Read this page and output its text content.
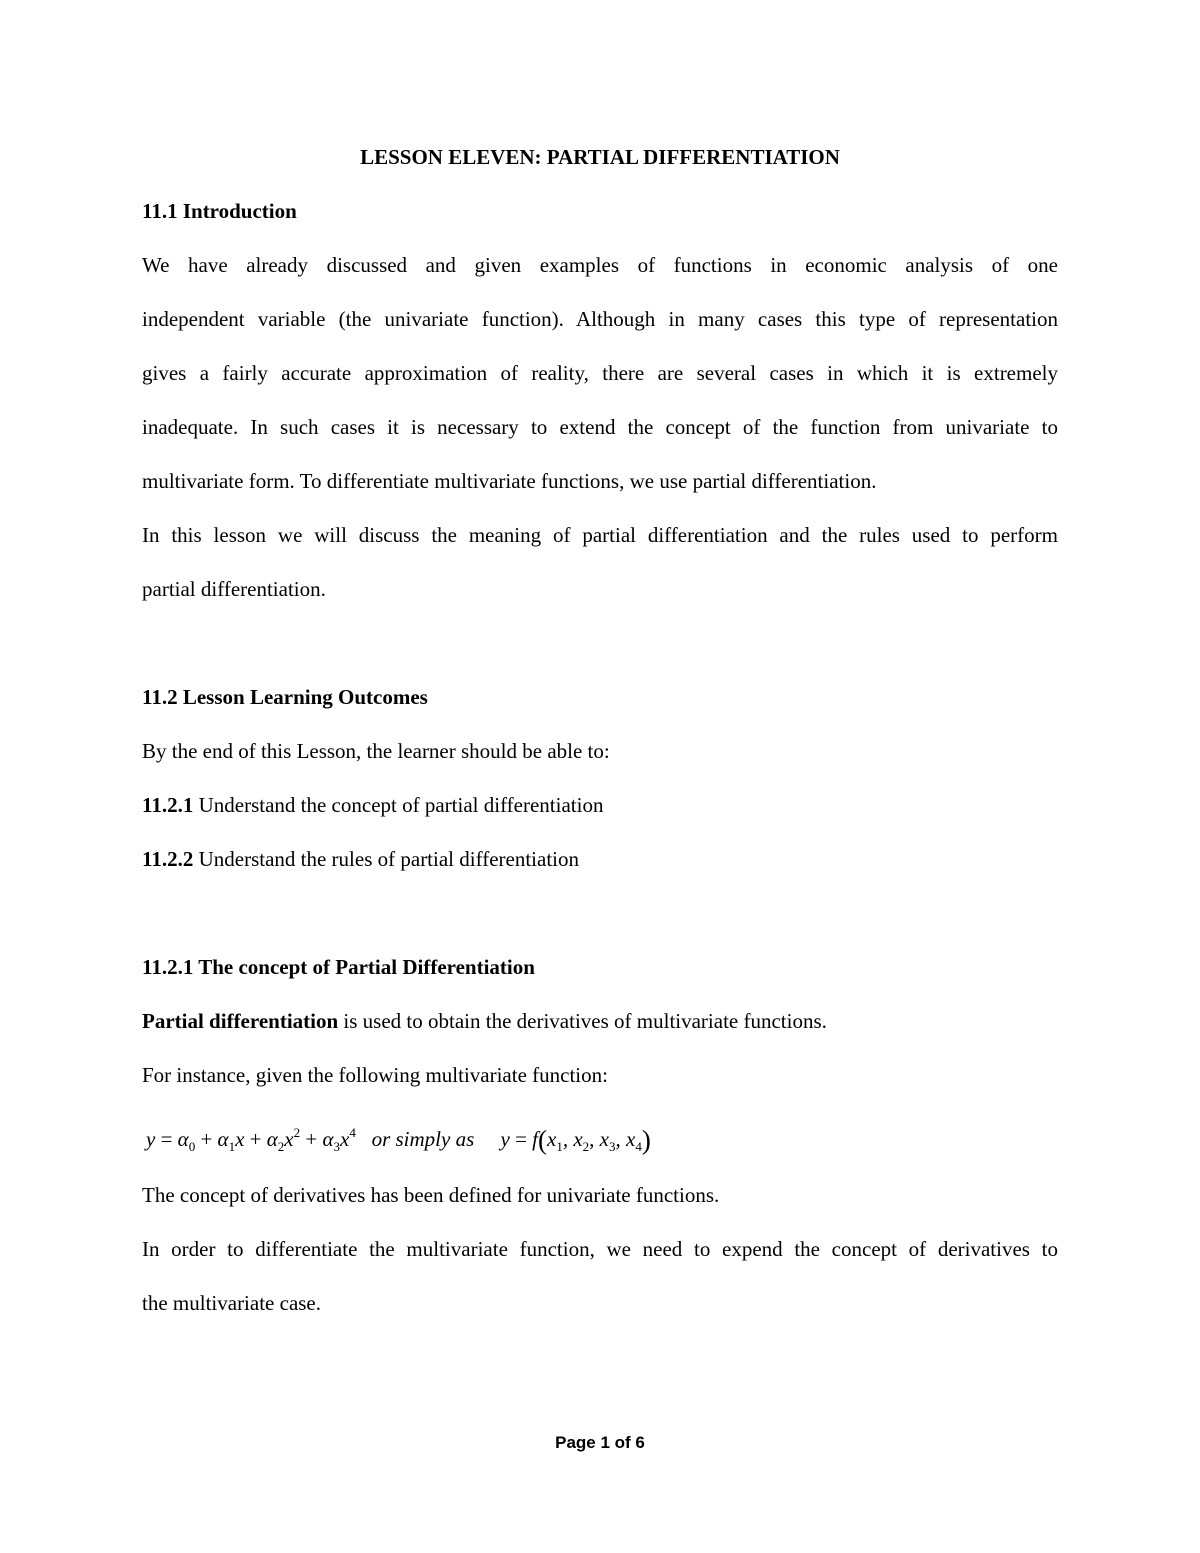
LESSON ELEVEN: PARTIAL DIFFERENTIATION
11.1 Introduction
We have already discussed and given examples of functions in economic analysis of one
independent variable (the univariate function). Although in many cases this type of representation
gives a fairly accurate approximation of reality, there are several cases in which it is extremely
inadequate. In such cases it is necessary to extend the concept of the function from univariate to
multivariate form. To differentiate multivariate functions, we use partial differentiation.
In this lesson we will discuss the meaning of partial differentiation and the rules used to perform
partial differentiation.
11.2 Lesson Learning Outcomes
By the end of this Lesson, the learner should be able to:
11.2.1 Understand the concept of partial differentiation
11.2.2 Understand the rules of partial differentiation
11.2.1 The concept of Partial Differentiation
Partial differentiation is used to obtain the derivatives of multivariate functions.
For instance, given the following multivariate function:
$y = \alpha_0 + \alpha_1x + \alpha_2x^2 + \alpha_3x^4$ or simply as     $y = f(x_1$, $x_2$, $x_3$, $x_4$)
The concept of derivatives has been defined for univariate functions.
In order to differentiate the multivariate function, we need to expend the concept of derivatives to
the multivariate case.
Page 1 of 6
